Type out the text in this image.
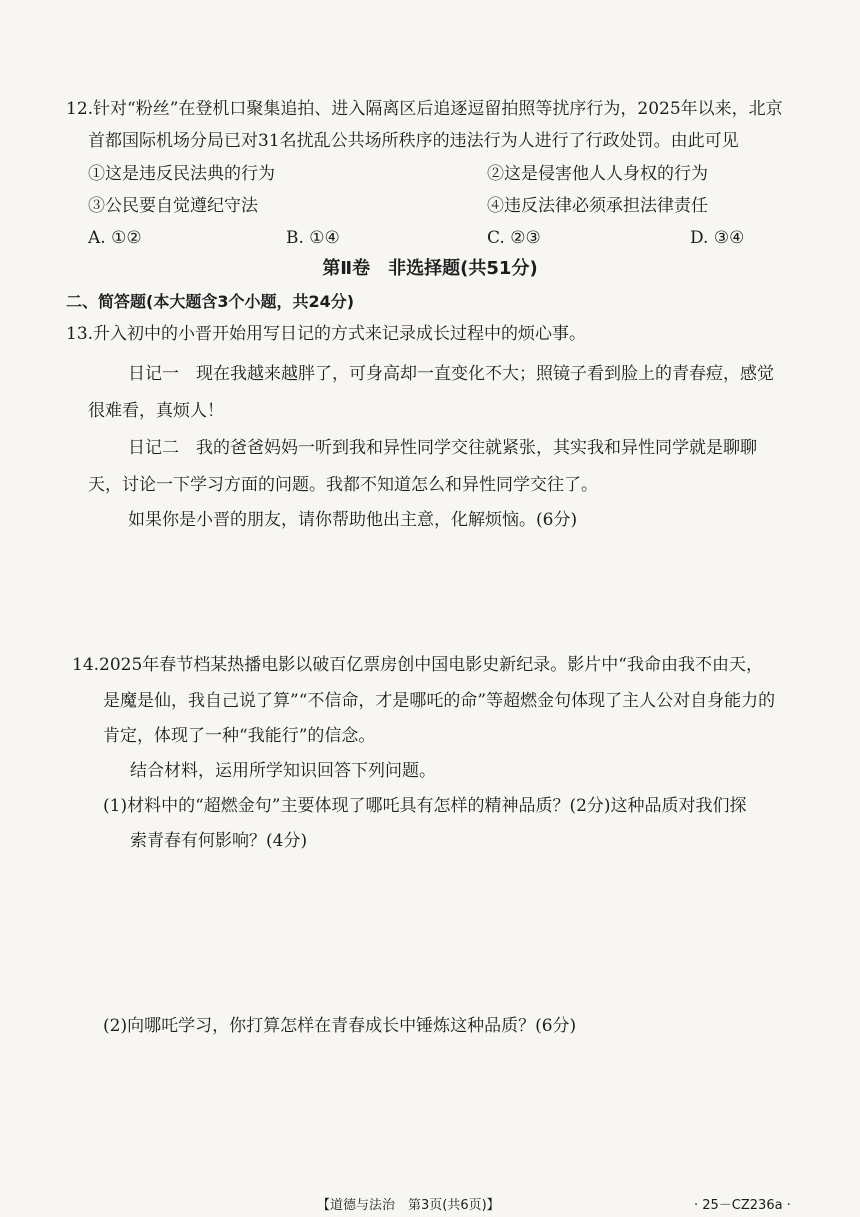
12.针对“粉丝”在登机口聚集追拍、进入隔离区后追逐逗留拍照等扰序行为，2025年以来，北京
首都国际机场分局已对31名扰乱公共场所秩序的违法行为人进行了行政处罚。由此可见
①这是违反民法典的行为	②这是侵害他人人身权的行为
③公民要自觉遵纪守法	④违反法律必须承担法律责任
A. ①②	B. ①④	C. ②③	D. ③④
第Ⅱ卷　非选择题(共51分)
二、简答题(本大题含3个小题，共24分)
13.升入初中的小晋开始用写日记的方式来记录成长过程中的烦心事。
日记一　现在我越来越胖了，可身高却一直变化不大；照镜子看到脸上的青春痘，感觉
很难看，真烦人！
日记二　我的爸爸妈妈一听到我和异性同学交往就紧张，其实我和异性同学就是聊聊
天，讨论一下学习方面的问题。我都不知道怎么和异性同学交往了。
如果你是小晋的朋友，请你帮助他出主意，化解烦恼。(6分)
14.2025年春节档某热播电影以破百亿票房创中国电影史新纪录。影片中“我命由我不由天，
是魔是仙，我自己说了算”“不信命，才是哪吒的命”等超燃金句体现了主人公对自身能力的
肯定，体现了一种“我能行”的信念。
结合材料，运用所学知识回答下列问题。
(1)材料中的“超燃金句”主要体现了哪吒具有怎样的精神品质？(2分)这种品质对我们探
索青春有何影响？(4分)
(2)向哪吒学习，你打算怎样在青春成长中锤炼这种品质？(6分)
【道德与法治　第3页(共6页)】	· 25－CZ236a ·
